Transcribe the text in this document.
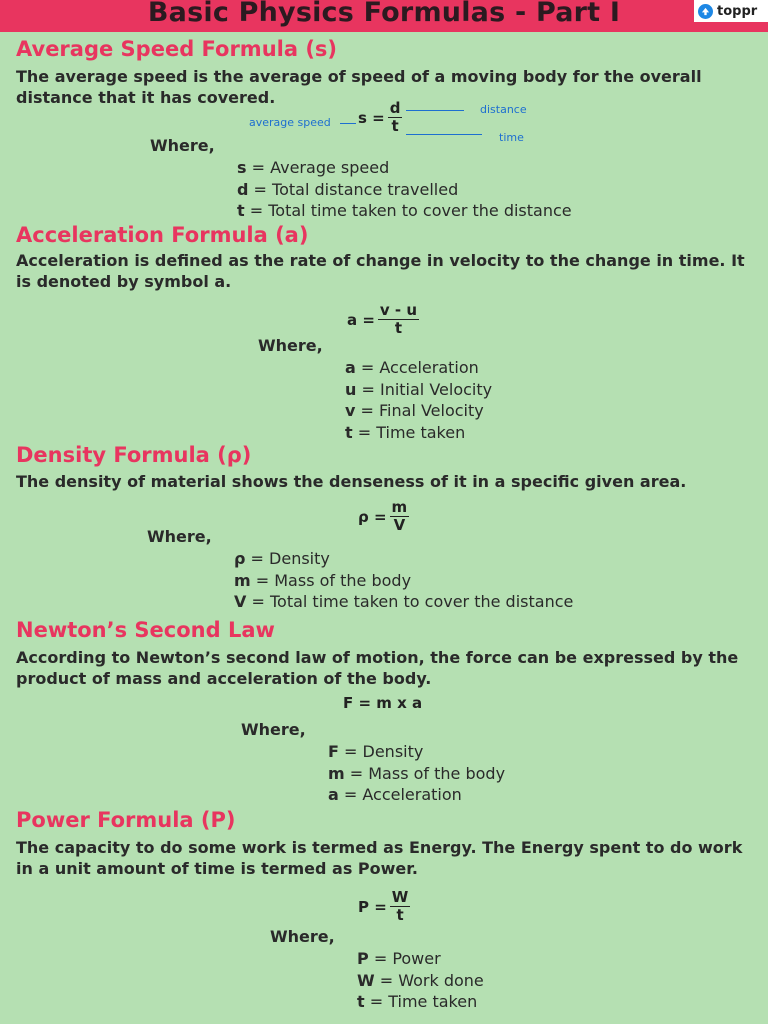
Basic Physics Formulas - Part I	toppr
Average Speed Formula (s)
The average speed is the average of speed of a moving body for the overall distance that it has covered.
average speed $s = \frac{d}{t}$	distance
time
Where,
s = Average speed
d = Total distance travelled
t = Total time taken to cover the distance
Acceleration Formula (a)
Acceleration is defined as the rate of change in velocity to the change in time. It is denoted by symbol a.
$a = \frac{v - u}{t}$
Where,
a = Acceleration
u = Initial Velocity
v = Final Velocity
t = Time taken
Density Formula (ρ)
The density of material shows the denseness of it in a specific given area.
$\rho = \frac{m}{V}$
Where,
ρ = Density
m = Mass of the body
V = Total time taken to cover the distance
Newton’s Second Law
According to Newton’s second law of motion, the force can be expressed by the product of mass and acceleration of the body.
F = m x a
Where,
F = Density
m = Mass of the body
a = Acceleration
Power Formula (P)
The capacity to do some work is termed as Energy. The Energy spent to do work in a unit amount of time is termed as Power.
$P = \frac{W}{t}$
Where,
P = Power
W = Work done
t = Time taken
